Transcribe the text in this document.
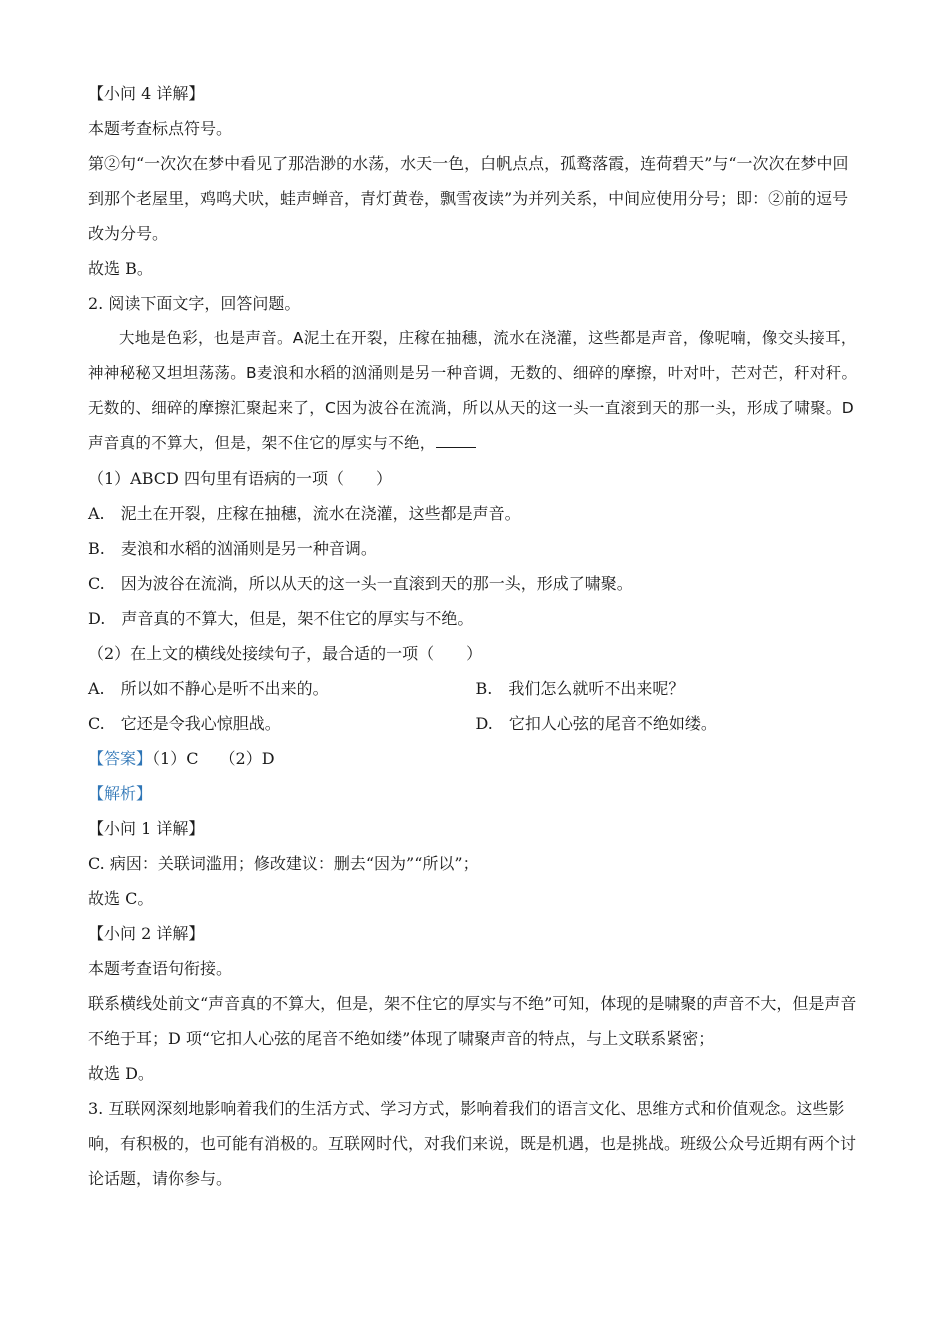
【小问 4 详解】

本题考查标点符号。

第②句“一次次在梦中看见了那浩渺的水荡，水天一色，白帆点点，孤鹜落霞，连荷碧天”与“一次次在梦中回到那个老屋里，鸡鸣犬吠，蛙声蝉音，青灯黄卷，飘雪夜读”为并列关系，中间应使用分号；即：②前的逗号改为分号。

故选 B。

2. 阅读下面文字，回答问题。

大地是色彩，也是声音。A泥土在开裂，庄稼在抽穗，流水在浇灌，这些都是声音，像呢喃，像交头接耳，神神秘秘又坦坦荡荡。B麦浪和水稻的汹涌则是另一种音调，无数的、细碎的摩擦，叶对叶，芒对芒，秆对秆。无数的、细碎的摩擦汇聚起来了，C因为波谷在流淌，所以从天的这一头一直滚到天的那一头，形成了啸聚。D声音真的不算大，但是，架不住它的厚实与不绝，

（1）ABCD 四句里有语病的一项（　　）

A.　泥土在开裂，庄稼在抽穗，流水在浇灌，这些都是声音。

B.　麦浪和水稻的汹涌则是另一种音调。

C.　因为波谷在流淌，所以从天的这一头一直滚到天的那一头，形成了啸聚。

D.　声音真的不算大，但是，架不住它的厚实与不绝。

（2）在上文的横线处接续句子，最合适的一项（　　）

A.　所以如不静心是听不出来的。	B.　我们怎么就听不出来呢？
C.　它还是令我心惊胆战。	D.　它扣人心弦的尾音不绝如缕。

【答案】（1）C　 （2）D

【解析】

【小问 1 详解】

C. 病因：关联词滥用；修改建议：删去“因为”“所以”；

故选 C。

【小问 2 详解】

本题考查语句衔接。

联系横线处前文“声音真的不算大，但是，架不住它的厚实与不绝”可知，体现的是啸聚的声音不大，但是声音不绝于耳；D 项“它扣人心弦的尾音不绝如缕”体现了啸聚声音的特点，与上文联系紧密；

故选 D。

3. 互联网深刻地影响着我们的生活方式、学习方式，影响着我们的语言文化、思维方式和价值观念。这些影响，有积极的，也可能有消极的。互联网时代，对我们来说，既是机遇，也是挑战。班级公众号近期有两个讨论话题，请你参与。
